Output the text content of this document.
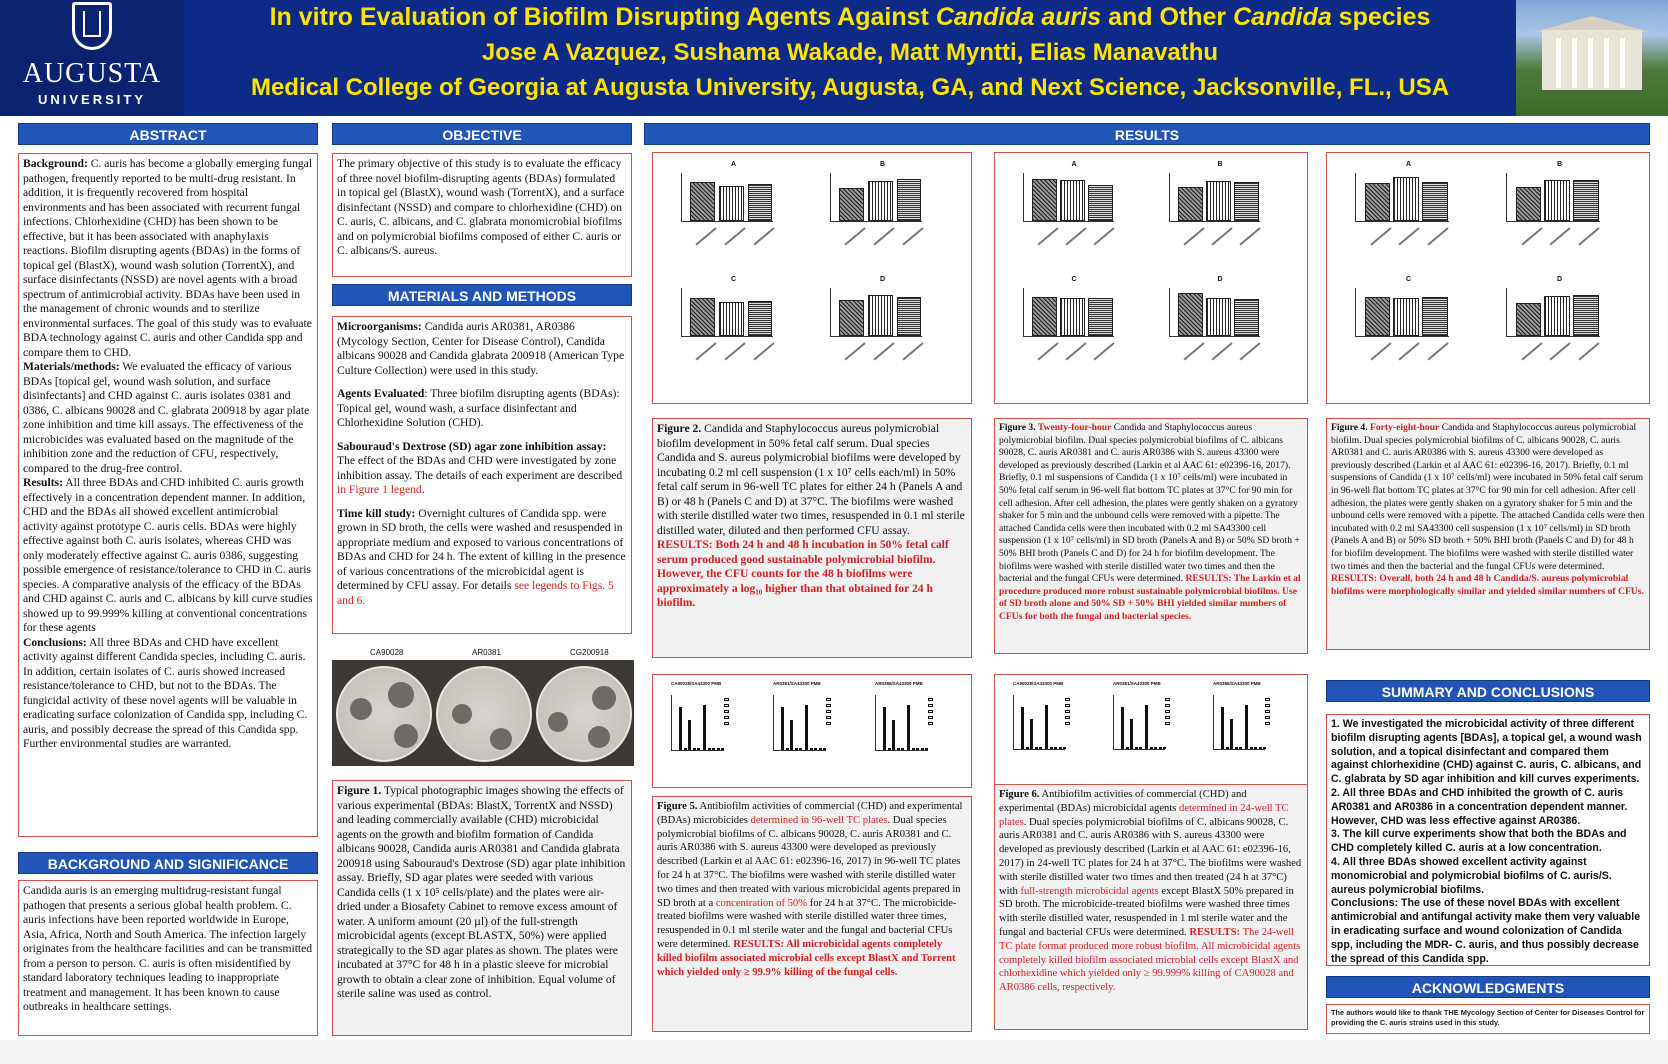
AUGUSTA
UNIVERSITY
In vitro Evaluation of Biofilm Disrupting Agents Against Candida auris and Other Candida species
Jose A Vazquez, Sushama Wakade, Matt Myntti, Elias Manavathu
Medical College of Georgia at Augusta University, Augusta, GA, and Next Science, Jacksonville, FL., USA
ABSTRACT

Background: C. auris has become a globally emerging fungal pathogen, frequently reported to be multi-drug resistant. In addition, it is frequently recovered from hospital environments and has been associated with recurrent fungal infections. Chlorhexidine (CHD) has been shown to be effective, but it has been associated with anaphylaxis reactions. Biofilm disrupting agents (BDAs) in the forms of topical gel (BlastX), wound wash solution (TorrentX), and surface disinfectants (NSSD) are novel agents with a broad spectrum of antimicrobial activity. BDAs have been used in the management of chronic wounds and to sterilize environmental surfaces. The goal of this study was to evaluate BDA technology against C. auris and other Candida spp and compare them to CHD.

Materials/methods: We evaluated the efficacy of various BDAs [topical gel, wound wash solution, and surface disinfectants] and CHD against C. auris isolates 0381 and 0386, C. albicans 90028 and C. glabrata 200918 by agar plate zone inhibition and time kill assays. The effectiveness of the microbicides was evaluated based on the magnitude of the inhibition zone and the reduction of CFU, respectively, compared to the drug-free control.

Results: All three BDAs and CHD inhibited C. auris growth effectively in a concentration dependent manner. In addition, CHD and the BDAs all showed excellent antimicrobial activity against prototype C. auris cells. BDAs were highly effective against both C. auris isolates, whereas CHD was only moderately effective against C. auris 0386, suggesting possible emergence of resistance/tolerance to CHD in C. auris species. A comparative analysis of the efficacy of the BDAs and CHD against C. auris and C. albicans by kill curve studies showed up to 99.999% killing at conventional concentrations for these agents

Conclusions: All three BDAs and CHD have excellent activity against different Candida species, including C. auris. In addition, certain isolates of C. auris showed increased resistance/tolerance to CHD, but not to the BDAs. The fungicidal activity of these novel agents will be valuable in eradicating surface colonization of Candida spp, including C. auris, and possibly decrease the spread of this Candida spp. Further environmental studies are warranted.

BACKGROUND AND SIGNIFICANCE
Candida auris is an emerging multidrug-resistant fungal pathogen that presents a serious global health problem. C. auris infections have been reported worldwide in Europe, Asia, Africa, North and South America. The infection largely originates from the healthcare facilities and can be transmitted from a person to person. C. auris is often misidentified by standard laboratory techniques leading to inappropriate treatment and management. It has been known to cause outbreaks in healthcare settings.
OBJECTIVE
The primary objective of this study is to evaluate the efficacy of three novel biofilm-disrupting agents (BDAs) formulated in topical gel (BlastX), wound wash (TorrentX), and a surface disinfectant (NSSD) and compare to chlorhexidine (CHD) on C. auris, C. albicans, and C. glabrata monomicrobial biofilms and on polymicrobial biofilms composed of either C. auris or C. albicans/S. aureus.
MATERIALS AND METHODS

Microorganisms: Candida auris AR0381, AR0386 (Mycology Section, Center for Disease Control), Candida albicans 90028 and Candida glabrata 200918 (American Type Culture Collection) were used in this study.

Agents Evaluated: Three biofilm disrupting agents (BDAs): Topical gel, wound wash, a surface disinfectant and Chlorhexidine Solution (CHD).

Sabouraud's Dextrose (SD) agar zone inhibition assay: The effect of the BDAs and CHD were investigated by zone inhibition assay. The details of each experiment are described in Figure 1 legend.

Time kill study: Overnight cultures of Candida spp. were grown in SD broth, the cells were washed and resuspended in appropriate medium and exposed to various concentrations of BDAs and CHD for 24 h. The extent of killing in the presence of various concentrations of the microbicidal agent is determined by CFU assay. For details see legends to Figs. 5 and 6.

CA90028	AR0381	CG200918
Figure 1. Typical photographic images showing the effects of various experimental (BDAs: BlastX, TorrentX and NSSD) and leading commercially available (CHD) microbicidal agents on the growth and biofilm formation of Candida albicans 90028, Candida auris AR0381 and Candida glabrata 200918 using Sabouraud's Dextrose (SD) agar plate inhibition assay. Briefly, SD agar plates were seeded with various Candida cells (1 x 10⁵ cells/plate) and the plates were air-dried under a Biosafety Cabinet to remove excess amount of water. A uniform amount (20 µl) of the full-strength microbicidal agents (except BLASTX, 50%) were applied strategically to the SD agar plates as shown. The plates were incubated at 37°C for 48 h in a plastic sleeve for microbial growth to obtain a clear zone of inhibition. Equal volume of sterile saline was used as control.
RESULTS
A	B
C	D
A	B
C	D
A	B
C	D
Figure 2. Candida and Staphylococcus aureus polymicrobial biofilm development in 50% fetal calf serum. Dual species Candida and S. aureus polymicrobial biofilms were developed by incubating 0.2 ml cell suspension (1 x 10⁷ cells each/ml) in 50% fetal calf serum in 96-well TC plates for either 24 h (Panels A and B) or 48 h (Panels C and D) at 37°C. The biofilms were washed with sterile distilled water two times, resuspended in 0.1 ml sterile distilled water, diluted and then performed CFU assay. RESULTS: Both 24 h and 48 h incubation in 50% fetal calf serum produced good sustainable polymicrobial biofilm. However, the CFU counts for the 48 h biofilms were approximately a log₁₀ higher than that obtained for 24 h biofilm.
Figure 3. Twenty-four-hour Candida and Staphylococcus aureus polymicrobial biofilm. Dual species polymicrobial biofilms of C. albicans 90028, C. auris AR0381 and C. auris AR0386 with S. aureus 43300 were developed as previously described (Larkin et al AAC 61: e02396-16, 2017). Briefly, 0.1 ml suspensions of Candida (1 x 10⁷ cells/ml) were incubated in 50% fetal calf serum in 96-well flat bottom TC plates at 37°C for 90 min for cell adhesion. After cell adhesion, the plates were gently shaken on a gyratory shaker for 5 min and the unbound cells were removed with a pipette. The attached Candida cells were then incubated with 0.2 ml SA43300 cell suspension (1 x 10⁷ cells/ml) in SD broth (Panels A and B) or 50% SD broth + 50% BHI broth (Panels C and D) for 24 h for biofilm development. The biofilms were washed with sterile distilled water two times and then the bacterial and the fungal CFUs were determined. RESULTS: The Larkin et al procedure produced more robust sustainable polymicrobial biofilms. Use of SD broth alone and 50% SD + 50% BHI yielded similar numbers of CFUs for both the fungal and bacterial species.
Figure 4. Forty-eight-hour Candida and Staphylococcus aureus polymicrobial biofilm. Dual species polymicrobial biofilms of C. albicans 90028, C. auris AR0381 and C. auris AR0386 with S. aureus 43300 were developed as previously described (Larkin et al AAC 61: e02396-16, 2017). Briefly, 0.1 ml suspensions of Candida (1 x 10⁷ cells/ml) were incubated in 50% fetal calf serum in 96-well flat bottom TC plates at 37°C for 90 min for cell adhesion. After cell adhesion, the plates were gently shaken on a gyratory shaker for 5 min and the unbound cells were removed with a pipette. The attached Candida cells were then incubated with 0.2 ml SA43300 cell suspension (1 x 10⁷ cells/ml) in SD broth (Panels A and B) or 50% SD broth + 50% BHI broth (Panels C and D) for 48 h for biofilm development. The biofilms were washed with sterile distilled water two times and then the bacterial and the fungal CFUs were determined. RESULTS: Overall, both 24 h and 48 h Candida/S. aureus polymicrobial biofilms were morphologically similar and yielded similar numbers of CFUs.
CA90028/SA43300 PMB	AR0381/SA43300 PMB	AR0386/SA43300 PMB	CA90028/SA43300 PMB	AR0381/SA43300 PMB	AR0386/SA43300 PMB
Figure 5. Antibiofilm activities of commercial (CHD) and experimental (BDAs) microbicides determined in 96-well TC plates. Dual species polymicrobial biofilms of C. albicans 90028, C. auris AR0381 and C. auris AR0386 with S. aureus 43300 were developed as previously described (Larkin et al AAC 61: e02396-16, 2017) in 96-well TC plates for 24 h at 37°C. The biofilms were washed with sterile distilled water two times and then treated with various microbicidal agents prepared in SD broth at a concentration of 50% for 24 h at 37°C. The microbicide-treated biofilms were washed with sterile distilled water three times, resuspended in 0.1 ml sterile water and the fungal and bacterial CFUs were determined. RESULTS: All microbicidal agents completely killed biofilm associated microbial cells except BlastX and Torrent which yielded only ≥ 99.9% killing of the fungal cells.
Figure 6. Antibiofilm activities of commercial (CHD) and experimental (BDAs) microbicidal agents determined in 24-well TC plates. Dual species polymicrobial biofilms of C. albicans 90028, C. auris AR0381 and C. auris AR0386 with S. aureus 43300 were developed as previously described (Larkin et al AAC 61: e02396-16, 2017) in 24-well TC plates for 24 h at 37°C. The biofilms were washed with sterile distilled water two times and then treated (24 h at 37°C) with full-strength microbicidal agents except BlastX 50% prepared in SD broth. The microbicide-treated biofilms were washed three times with sterile distilled water, resuspended in 1 ml sterile water and the fungal and bacterial CFUs were determined. RESULTS: The 24-well TC plate format produced more robust biofilm. All microbicidal agents completely killed biofilm associated microbial cells except BlastX and chlorhexidine which yielded only ≥ 99.999% killing of CA90028 and AR0386 cells, respectively.
SUMMARY AND CONCLUSIONS
1. We investigated the microbicidal activity of three different biofilm disrupting agents [BDAs], a topical gel, a wound wash solution, and a topical disinfectant and compared them against chlorhexidine (CHD) against C. auris, C. albicans, and C. glabrata by SD agar inhibition and kill curves experiments.
2. All three BDAs and CHD inhibited the growth of C. auris AR0381 and AR0386 in a concentration dependent manner. However, CHD was less effective against AR0386.
3. The kill curve experiments show that both the BDAs and CHD completely killed C. auris at a low concentration.
4. All three BDAs showed excellent activity against monomicrobial and polymicrobial biofilms of C. auris/S. aureus polymicrobial biofilms.
Conclusions: The use of these novel BDAs with excellent antimicrobial and antifungal activity make them very valuable in eradicating surface and wound colonization of Candida spp, including the MDR- C. auris, and thus possibly decrease the spread of this Candida spp.
ACKNOWLEDGMENTS
The authors would like to thank THE Mycology Section of Center for Diseases Control for providing the C. auris strains used in this study.
